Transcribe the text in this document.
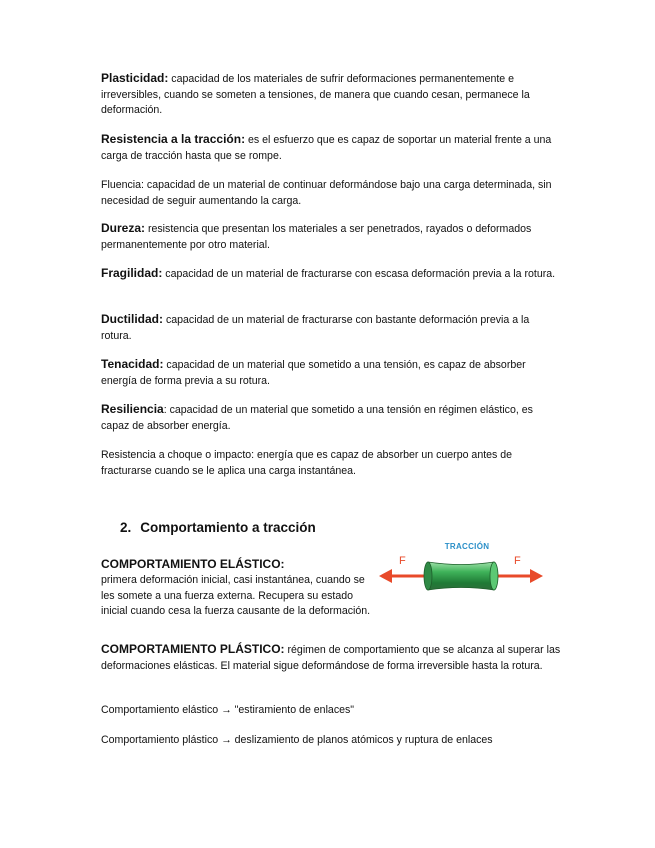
Plasticidad: capacidad de los materiales de sufrir deformaciones permanentemente e irreversibles, cuando se someten a tensiones, de manera que cuando cesan, permanece la deformación.

Resistencia a la tracción: es el esfuerzo que es capaz de soportar un material frente a una carga de tracción hasta que se rompe.

Fluencia: capacidad de un material de continuar deformándose bajo una carga determinada, sin necesidad de seguir aumentando la carga.

Dureza: resistencia que presentan los materiales a ser penetrados, rayados o deformados permanentemente por otro material.

Fragilidad: capacidad de un material de fracturarse con escasa deformación previa a la rotura.

Ductilidad: capacidad de un material de fracturarse con bastante deformación previa a la rotura.

Tenacidad: capacidad de un material que sometido a una tensión, es capaz de absorber energía de forma previa a su rotura.

Resiliencia: capacidad de un material que sometido a una tensión en régimen elástico, es capaz de absorber energía.

Resistencia a choque o impacto: energía que es capaz de absorber un cuerpo antes de fracturarse cuando se le aplica una carga instantánea.

2. Comportamiento a tracción

COMPORTAMIENTO ELÁSTICO:
primera deformación inicial, casi instantánea, cuando se les somete a una fuerza externa. Recupera su estado inicial cuando cesa la fuerza causante de la deformación.

TRACCIÓN
F	F

COMPORTAMIENTO PLÁSTICO: régimen de comportamiento que se alcanza al superar las deformaciones elásticas. El material sigue deformándose de forma irreversible hasta la rotura.

Comportamiento elástico → "estiramiento de enlaces"

Comportamiento plástico → deslizamiento de planos atómicos y ruptura de enlaces
